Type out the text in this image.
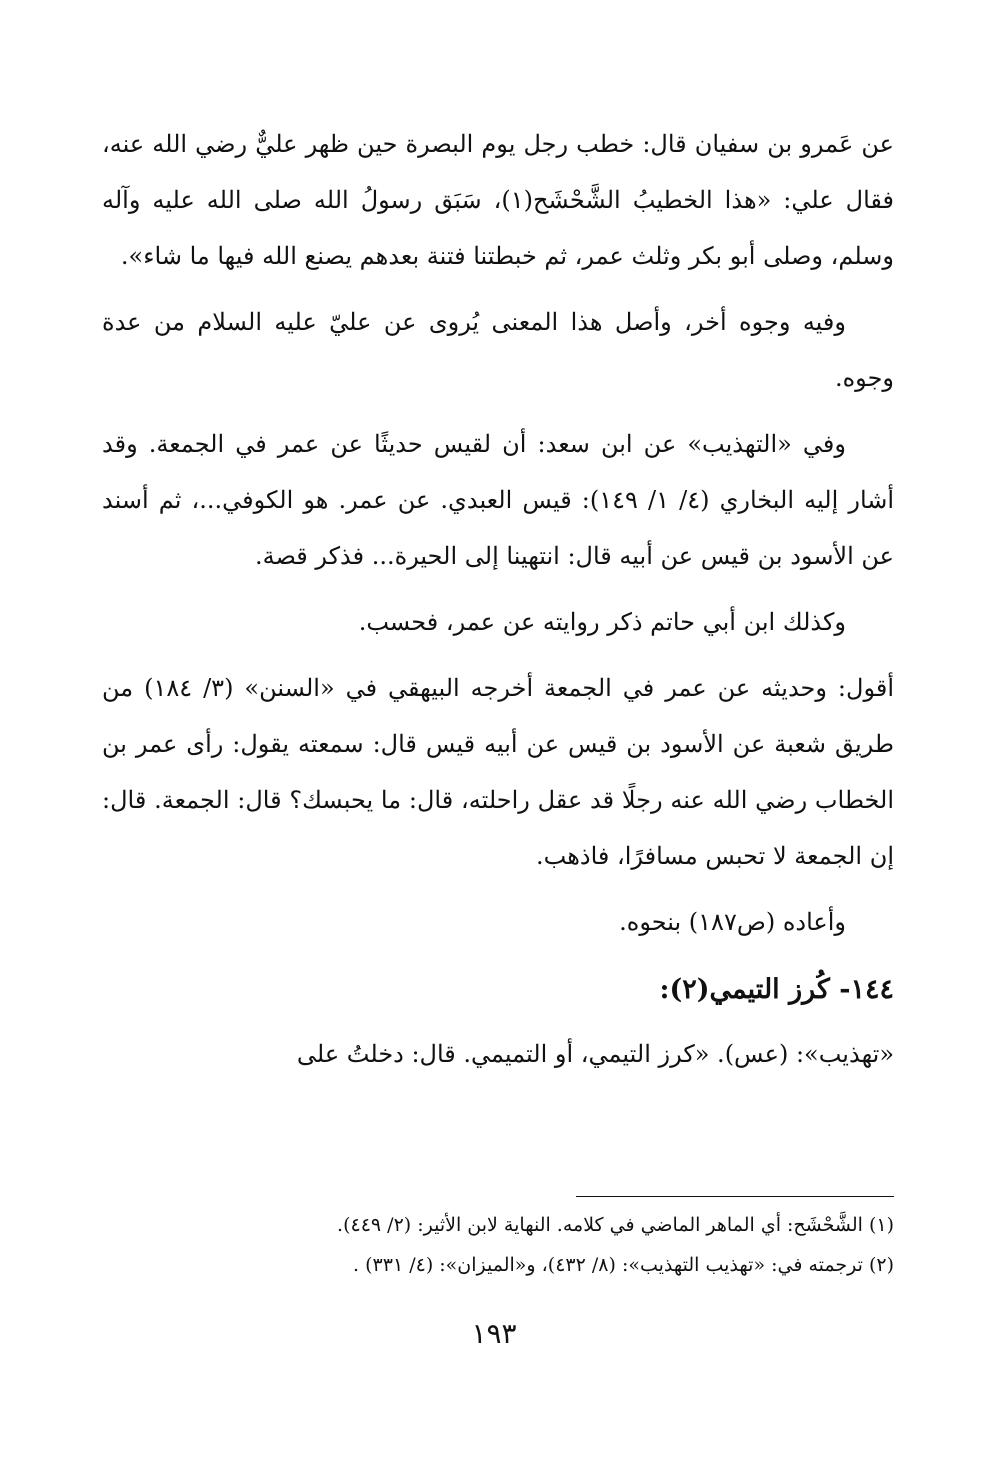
عن عَمرو بن سفيان قال: خطب رجل يوم البصرة حين ظهر عليٌّ رضي الله عنه، فقال علي: «هذا الخطيبُ الشَّحْشَح(١)، سَبَق رسولُ الله صلى الله عليه وآله وسلم، وصلى أبو بكر وثلث عمر، ثم خبطتنا فتنة بعدهم يصنع الله فيها ما شاء».

وفيه وجوه أخر، وأصل هذا المعنى يُروى عن عليّ عليه السلام من عدة وجوه.

وفي «التهذيب» عن ابن سعد: أن لقيس حديثًا عن عمر في الجمعة. وقد أشار إليه البخاري (٤/ ١/ ١٤٩): قيس العبدي. عن عمر. هو الكوفي...، ثم أسند عن الأسود بن قيس عن أبيه قال: انتهينا إلى الحيرة... فذكر قصة.

وكذلك ابن أبي حاتم ذكر روايته عن عمر، فحسب.

أقول: وحديثه عن عمر في الجمعة أخرجه البيهقي في «السنن» (٣/ ١٨٤) من طريق شعبة عن الأسود بن قيس عن أبيه قيس قال: سمعته يقول: رأى عمر بن الخطاب رضي الله عنه رجلًا قد عقل راحلته، قال: ما يحبسك؟ قال: الجمعة. قال: إن الجمعة لا تحبس مسافرًا، فاذهب.

وأعاده (ص١٨٧) بنحوه.

١٤٤- كُرز التيمي(٢):

«تهذيب»: (عس). «كرز التيمي، أو التميمي. قال: دخلتُ على

(١) الشَّحْشَح: أي الماهر الماضي في كلامه. النهاية لابن الأثير: (٢/ ٤٤٩).

(٢) ترجمته في: «تهذيب التهذيب»: (٨/ ٤٣٢)، و«الميزان»: (٤/ ٣٣١) .

١٩٣
